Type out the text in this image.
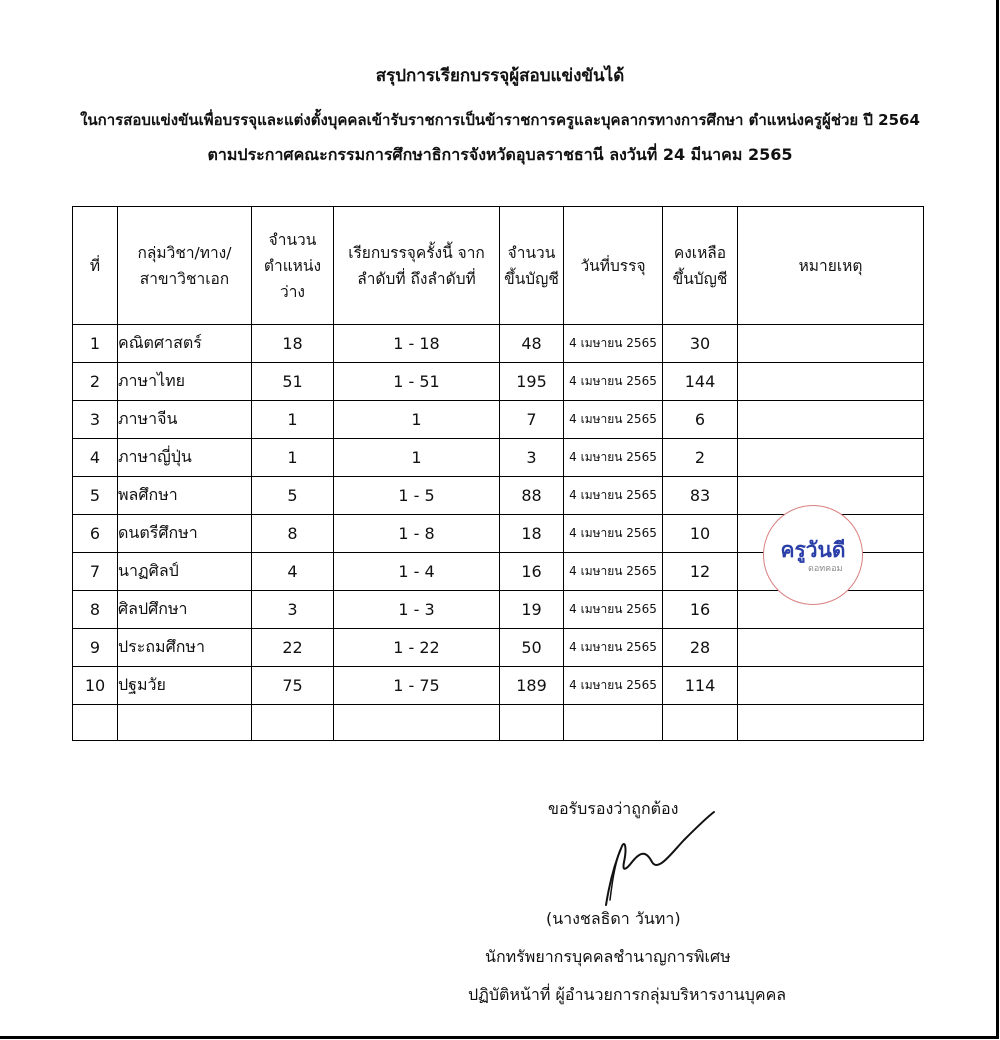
สรุปการเรียกบรรจุผู้สอบแข่งขันได้
ในการสอบแข่งขันเพื่อบรรจุและแต่งตั้งบุคคลเข้ารับราชการเป็นข้าราชการครูและบุคลากรทางการศึกษา ตำแหน่งครูผู้ช่วย ปี 2564
ตามประกาศคณะกรรมการศึกษาธิการจังหวัดอุบลราชธานี ลงวันที่ 24 มีนาคม 2565
ที่	กลุ่มวิชา/ทาง/ สาขาวิชาเอก	จำนวน ตำแหน่งว่าง	เรียกบรรจุครั้งนี้ จากลำดับที่ ถึงลำดับที่	จำนวน ขึ้นบัญชี	วันที่บรรจุ	คงเหลือ ขึ้นบัญชี	หมายเหตุ
1	คณิตศาสตร์	18	1 - 18	48	4 เมษายน 2565	30	
2	ภาษาไทย	51	1 - 51	195	4 เมษายน 2565	144	
3	ภาษาจีน	1	1	7	4 เมษายน 2565	6	
4	ภาษาญี่ปุ่น	1	1	3	4 เมษายน 2565	2	
5	พลศึกษา	5	1 - 5	88	4 เมษายน 2565	83	
6	ดนตรีศึกษา	8	1 - 8	18	4 เมษายน 2565	10	
7	นาฏศิลป์	4	1 - 4	16	4 เมษายน 2565	12	
8	ศิลปศึกษา	3	1 - 3	19	4 เมษายน 2565	16	
9	ประถมศึกษา	22	1 - 22	50	4 เมษายน 2565	28	
10	ปฐมวัย	75	1 - 75	189	4 เมษายน 2565	114	

ครูวันดี
ดอทคอม
ขอรับรองว่าถูกต้อง
(นางชลธิดา วันทา)
นักทรัพยากรบุคคลชำนาญการพิเศษ
ปฏิบัติหน้าที่ ผู้อำนวยการกลุ่มบริหารงานบุคคล
